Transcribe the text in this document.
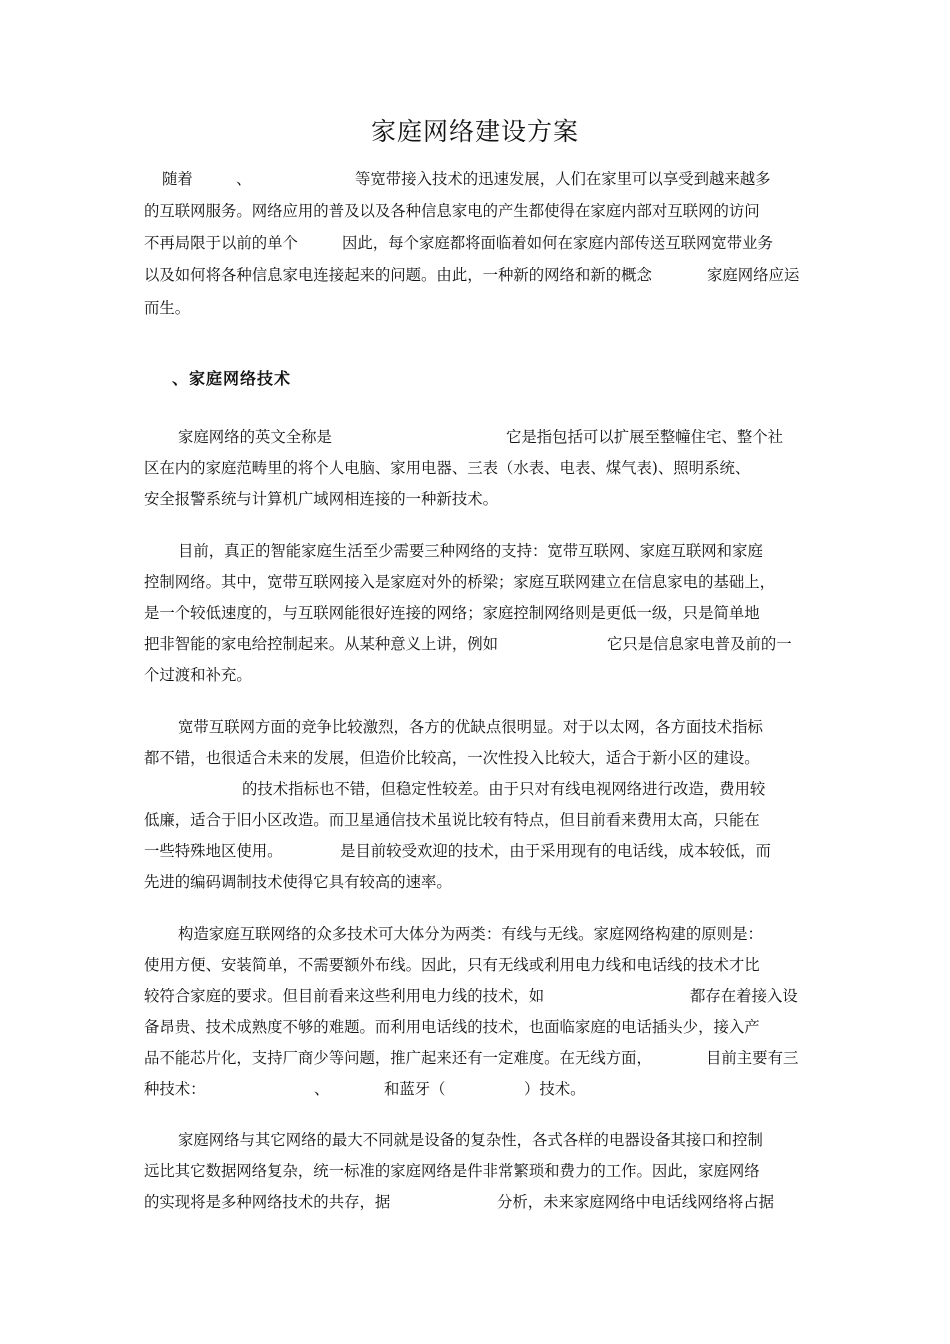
家庭网络建设方案
随着	、	等宽带接入技术的迅速发展，人们在家里可以享受到越来越多
的互联网服务。网络应用的普及以及各种信息家电的产生都使得在家庭内部对互联网的访问
不再局限于以前的单个	因此，每个家庭都将面临着如何在家庭内部传送互联网宽带业务
以及如何将各种信息家电连接起来的问题。由此，一种新的网络和新的概念	家庭网络应运
而生。
、家庭网络技术
家庭网络的英文全称是	它是指包括可以扩展至整幢住宅、整个社
区在内的家庭范畴里的将个人电脑、家用电器、三表（水表、电表、煤气表)、照明系统、
安全报警系统与计算机广域网相连接的一种新技术。
目前，真正的智能家庭生活至少需要三种网络的支持：宽带互联网、家庭互联网和家庭
控制网络。其中，宽带互联网接入是家庭对外的桥梁；家庭互联网建立在信息家电的基础上，
是一个较低速度的，与互联网能很好连接的网络；家庭控制网络则是更低一级，只是简单地
把非智能的家电给控制起来。从某种意义上讲，例如	它只是信息家电普及前的一
个过渡和补充。
宽带互联网方面的竞争比较激烈，各方的优缺点很明显。对于以太网，各方面技术指标
都不错，也很适合未来的发展，但造价比较高，一次性投入比较大，适合于新小区的建设。
的技术指标也不错，但稳定性较差。由于只对有线电视网络进行改造，费用较
低廉，适合于旧小区改造。而卫星通信技术虽说比较有特点，但目前看来费用太高，只能在
一些特殊地区使用。	是目前较受欢迎的技术，由于采用现有的电话线，成本较低，而
先进的编码调制技术使得它具有较高的速率。
构造家庭互联网络的众多技术可大体分为两类：有线与无线。家庭网络构建的原则是：
使用方便、安装简单，不需要额外布线。因此，只有无线或利用电力线和电话线的技术才比
较符合家庭的要求。但目前看来这些利用电力线的技术，如	都存在着接入设
备昂贵、技术成熟度不够的难题。而利用电话线的技术，也面临家庭的电话插头少，接入产
品不能芯片化，支持厂商少等问题，推广起来还有一定难度。在无线方面，	目前主要有三
种技术：	、	和蓝牙（	）技术。
家庭网络与其它网络的最大不同就是设备的复杂性，各式各样的电器设备其接口和控制
远比其它数据网络复杂，统一标准的家庭网络是件非常繁琐和费力的工作。因此，家庭网络
的实现将是多种网络技术的共存，据	分析，未来家庭网络中电话线网络将占据
